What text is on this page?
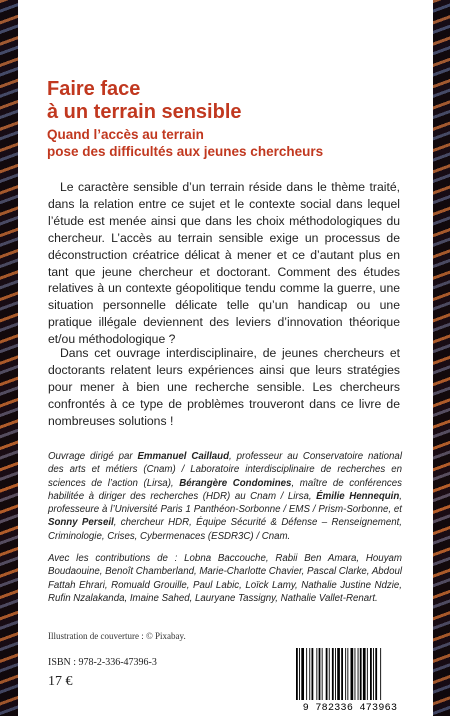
Faire face
à un terrain sensible
Quand l’accès au terrain
pose des difficultés aux jeunes chercheurs

Le caractère sensible d’un terrain réside dans le thème traité, dans la relation entre ce sujet et le contexte social dans lequel l’étude est menée ainsi que dans les choix méthodologiques du chercheur. L’accès au terrain sensible exige un processus de déconstruction créatrice délicat à mener et ce d’autant plus en tant que jeune chercheur et doctorant. Comment des études relatives à un contexte géopolitique tendu comme la guerre, une situation personnelle délicate telle qu’un handicap ou une pratique illégale deviennent des leviers d’innovation théorique et/ou méthodologique ?

Dans cet ouvrage interdisciplinaire, de jeunes chercheurs et doctorants relatent leurs expériences ainsi que leurs stratégies pour mener à bien une recherche sensible. Les chercheurs confrontés à ce type de problèmes trouveront dans ce livre de nombreuses solutions !

Ouvrage dirigé par Emmanuel Caillaud, professeur au Conservatoire national des arts et métiers (Cnam) / Laboratoire interdisciplinaire de recherches en sciences de l’action (Lirsa), Bérangère Condomines, maître de conférences habilitée à diriger des recherches (HDR) au Cnam / Lirsa, Émilie Hennequin, professeure à l’Université Paris 1 Panthéon-Sorbonne / EMS / Prism-Sorbonne, et Sonny Perseil, chercheur HDR, Équipe Sécurité & Défense – Renseignement, Criminologie, Crises, Cybermenaces (ESDR3C) / Cnam.

Avec les contributions de : Lobna Baccouche, Rabii Ben Amara, Houyam Boudaouine, Benoît Chamberland, Marie-Charlotte Chavier, Pascal Clarke, Abdoul Fattah Ehrari, Romuald Grouille, Paul Labic, Loïck Lamy, Nathalie Justine Ndzie, Rufin Nzalakanda, Imaine Sahed, Lauryane Tassigny, Nathalie Vallet-Renart.

Illustration de couverture : © Pixabay.

ISBN : 978-2-336-47396-3

17 €

9 782336 473963
